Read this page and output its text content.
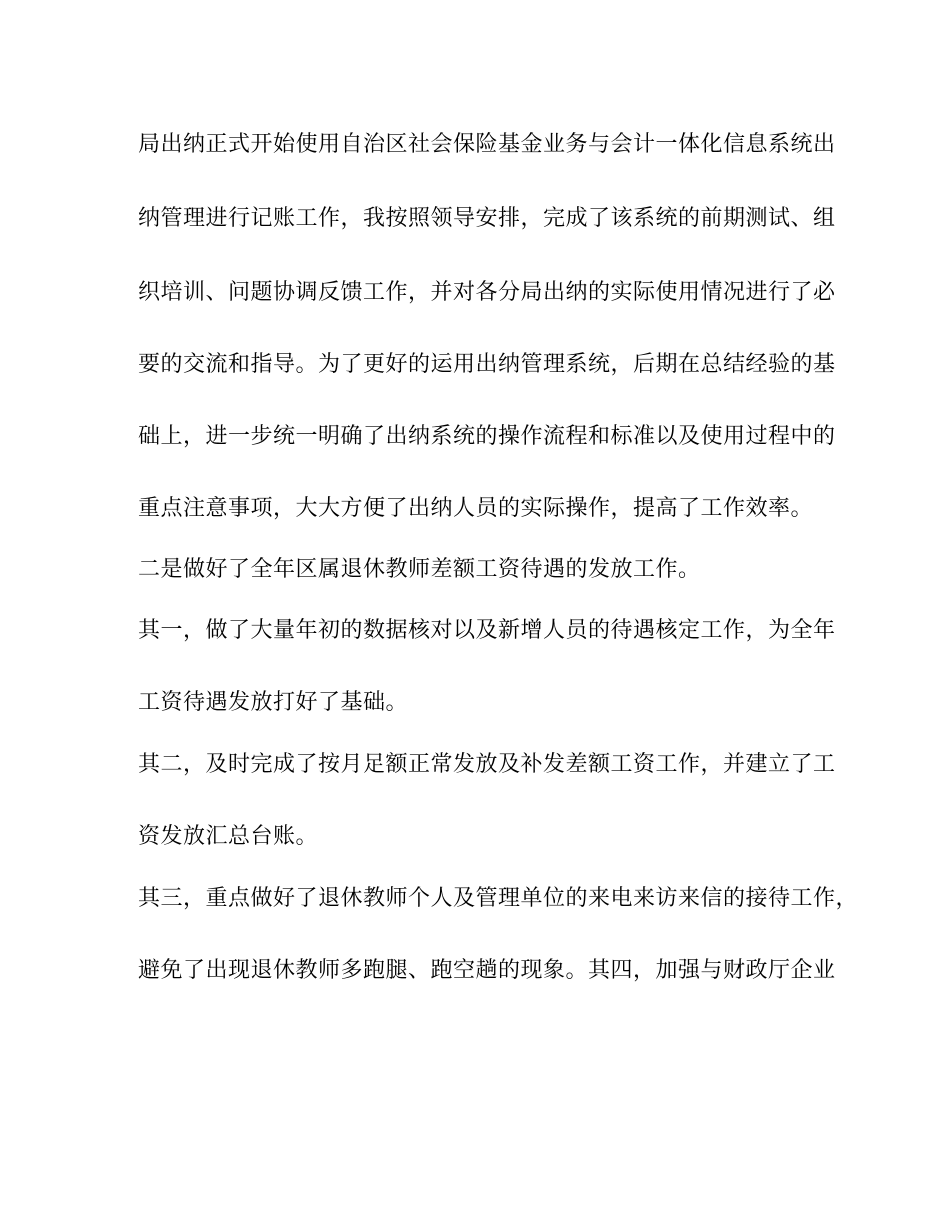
局出纳正式开始使用自治区社会保险基金业务与会计一体化信息系统出

纳管理进行记账工作，我按照领导安排，完成了该系统的前期测试、组

织培训、问题协调反馈工作，并对各分局出纳的实际使用情况进行了必

要的交流和指导。为了更好的运用出纳管理系统，后期在总结经验的基

础上，进一步统一明确了出纳系统的操作流程和标准以及使用过程中的

重点注意事项，大大方便了出纳人员的实际操作，提高了工作效率。

二是做好了全年区属退休教师差额工资待遇的发放工作。

其一，做了大量年初的数据核对以及新增人员的待遇核定工作，为全年

工资待遇发放打好了基础。

其二，及时完成了按月足额正常发放及补发差额工资工作，并建立了工

资发放汇总台账。

其三，重点做好了退休教师个人及管理单位的来电来访来信的接待工作，

避免了出现退休教师多跑腿、跑空趟的现象。其四，加强与财政厅企业
